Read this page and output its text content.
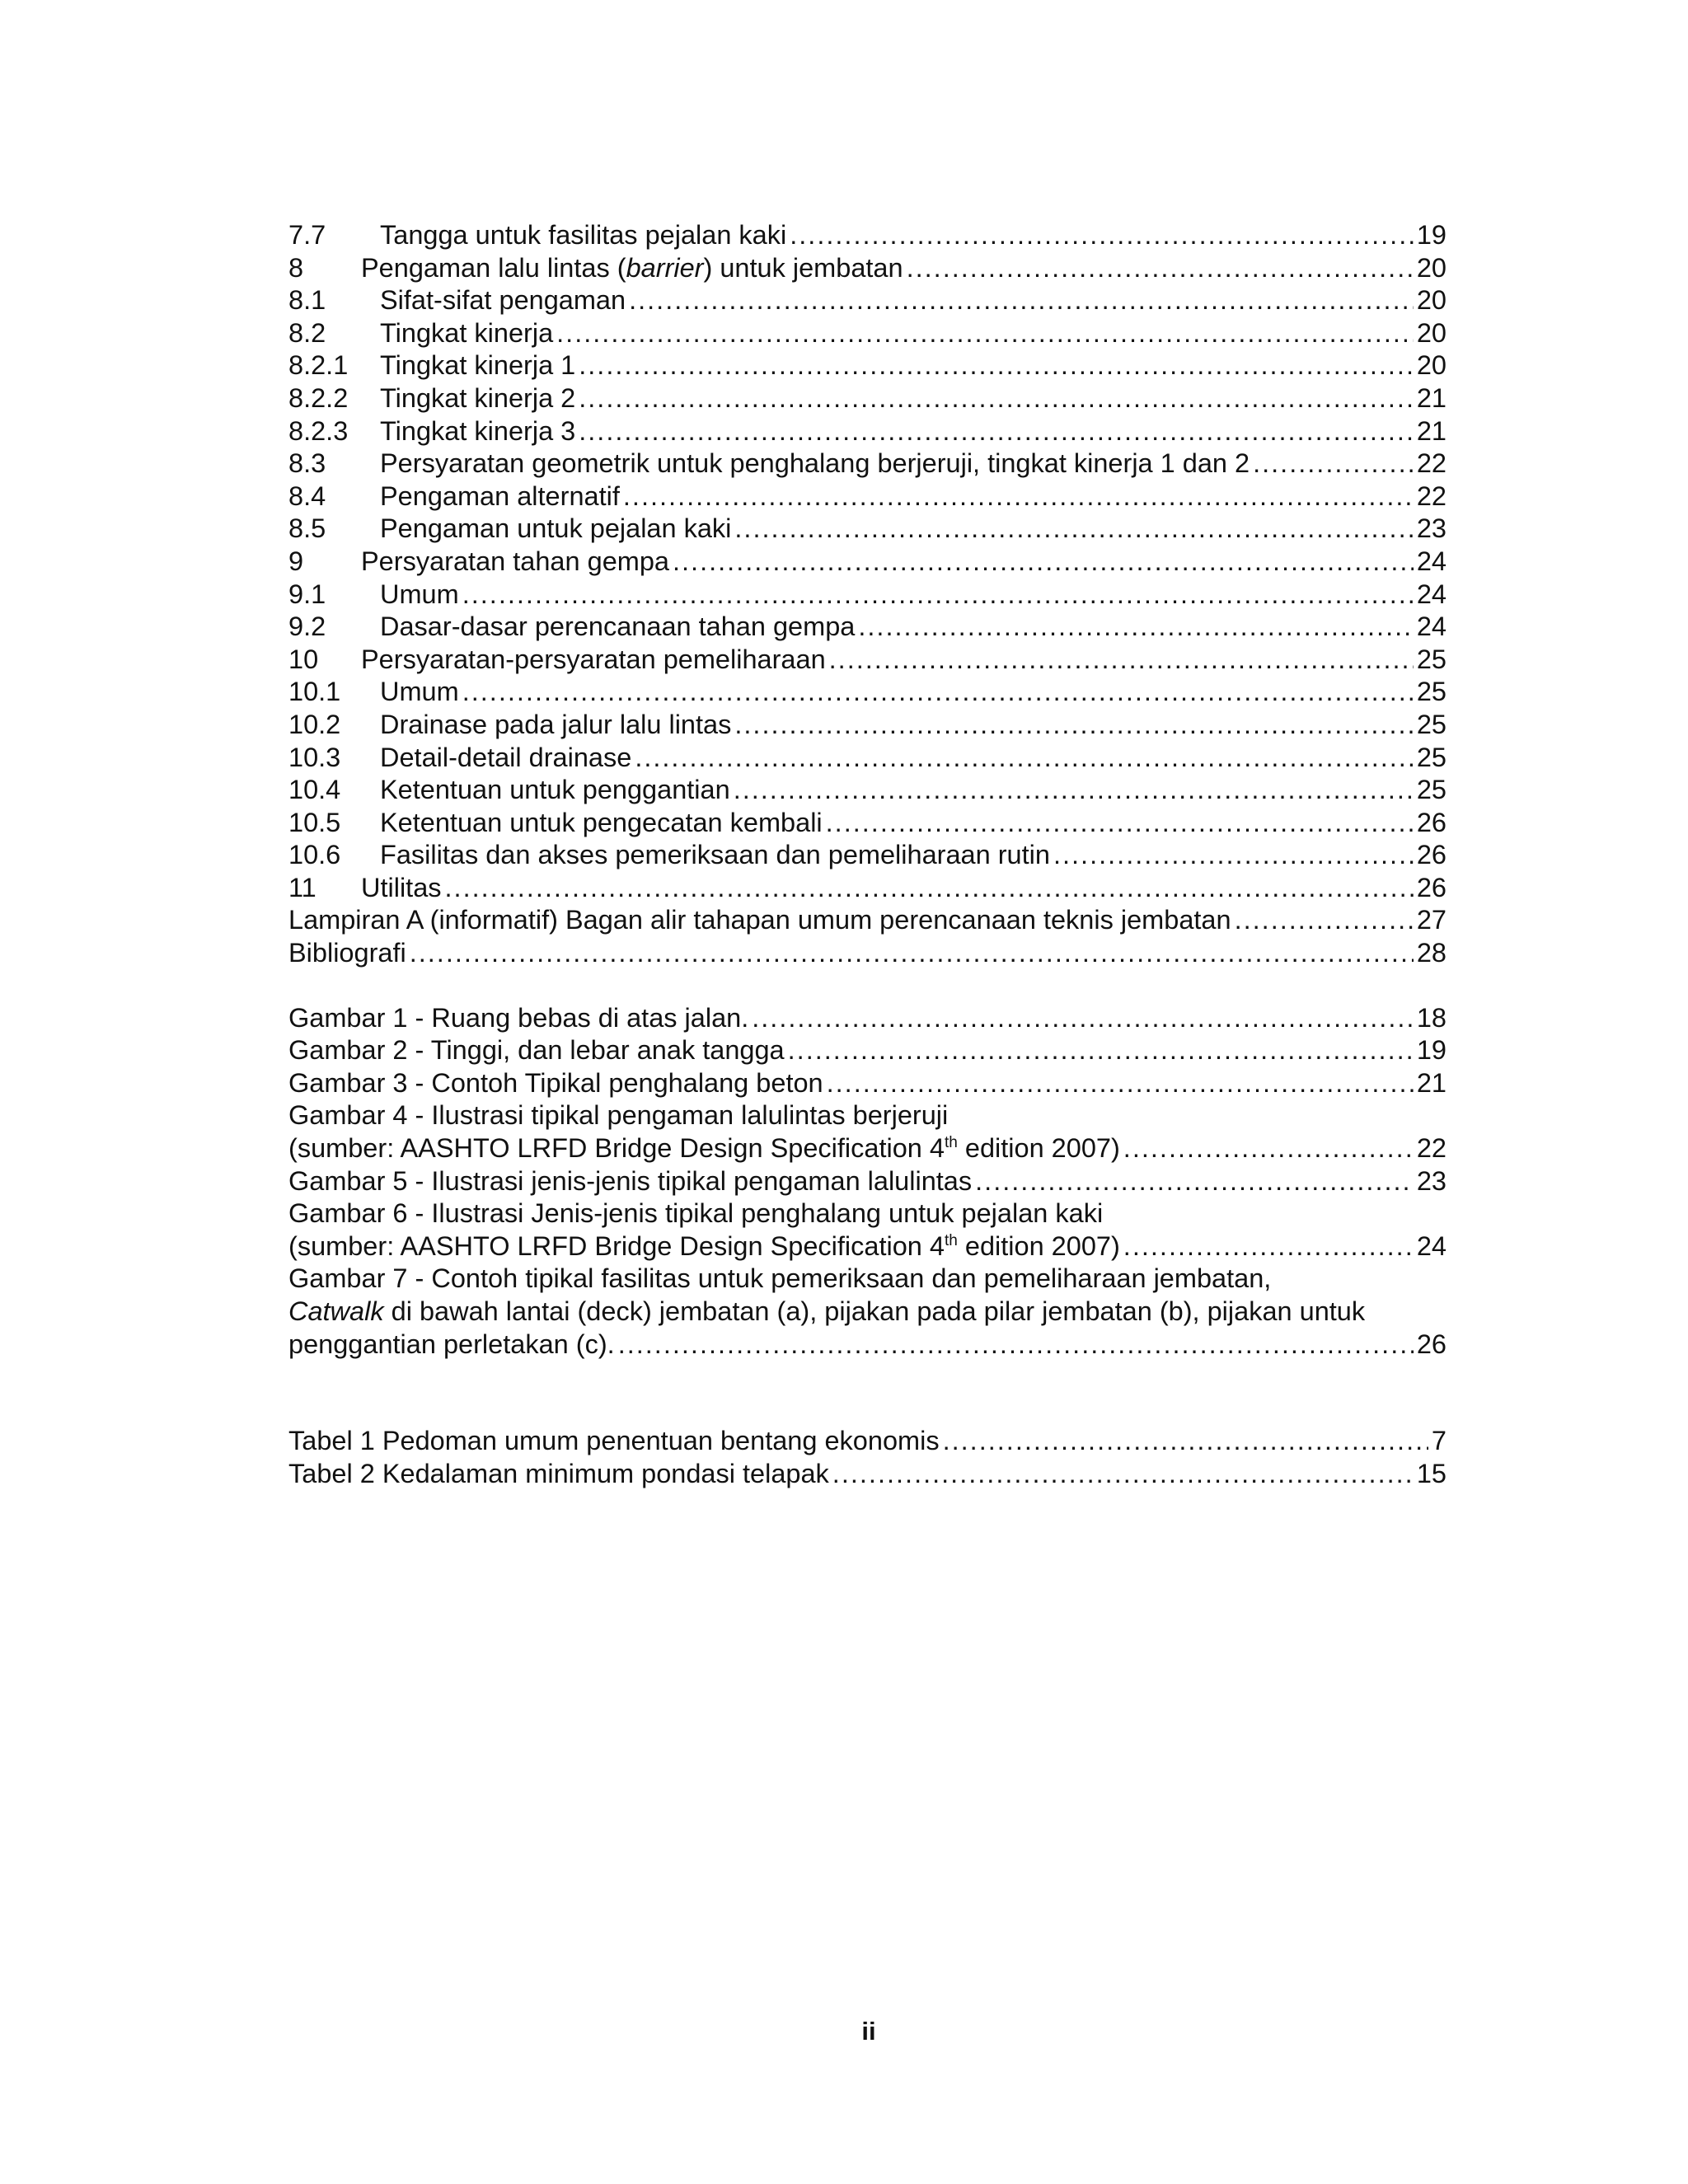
7.7	Tangga untuk fasilitas pejalan kaki .....	19
8	Pengaman lalu lintas (barrier) untuk jembatan .....	20
8.1	Sifat-sifat pengaman .....	20
8.2	Tingkat kinerja .....	20
8.2.1	Tingkat kinerja 1 .....	20
8.2.2	Tingkat kinerja 2 .....	21
8.2.3	Tingkat kinerja 3 .....	21
8.3	Persyaratan geometrik untuk penghalang berjeruji, tingkat kinerja 1 dan 2 .....	22
8.4	Pengaman alternatif .....	22
8.5	Pengaman untuk pejalan kaki .....	23
9	Persyaratan tahan gempa .....	24
9.1	Umum .....	24
9.2	Dasar-dasar perencanaan tahan gempa .....	24
10	Persyaratan-persyaratan pemeliharaan .....	25
10.1	Umum .....	25
10.2	Drainase pada jalur lalu lintas .....	25
10.3	Detail-detail drainase .....	25
10.4	Ketentuan untuk penggantian .....	25
10.5	Ketentuan untuk pengecatan kembali .....	26
10.6	Fasilitas dan akses pemeriksaan dan pemeliharaan rutin .....	26
11	Utilitas .....	26
Lampiran A (informatif) Bagan alir tahapan umum perencanaan teknis jembatan .....	27
Bibliografi .....	28
Gambar 1 - Ruang bebas di atas jalan. .....	18
Gambar 2 - Tinggi, dan lebar anak tangga .....	19
Gambar 3 - Contoh Tipikal penghalang beton .....	21
Gambar 4 - Ilustrasi tipikal pengaman lalulintas berjeruji
(sumber: AASHTO LRFD Bridge Design Specification 4th edition 2007) .....	22
Gambar 5 - Ilustrasi jenis-jenis tipikal pengaman lalulintas .....	23
Gambar 6 - Ilustrasi Jenis-jenis tipikal penghalang untuk pejalan kaki
(sumber: AASHTO LRFD Bridge Design Specification 4th edition 2007) .....	24
Gambar 7 - Contoh tipikal fasilitas untuk pemeriksaan dan pemeliharaan jembatan,
Catwalk di bawah lantai (deck) jembatan (a), pijakan pada pilar jembatan (b), pijakan untuk
penggantian perletakan (c). .....	26
Tabel 1 Pedoman umum penentuan bentang ekonomis .....	7
Tabel 2 Kedalaman minimum pondasi telapak .....	15
ii
